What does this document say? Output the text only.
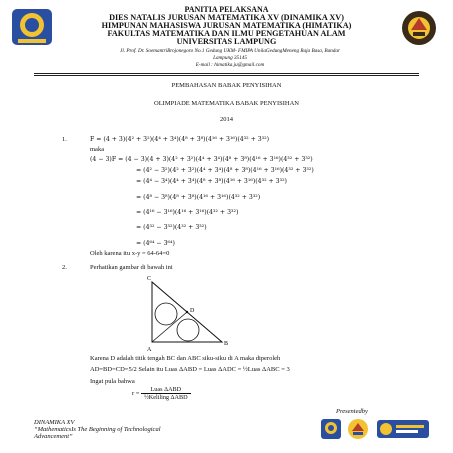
PANITIA PELAKSANA
DIES NATALIS JURUSAN MATEMATIKA XV (DINAMIKA XV)
HIMPUNAN MAHASISWA JURUSAN MATEMATIKA (HIMATIKA)
FAKULTAS MATEMATIKA DAN ILMU PENGETAHUAN ALAM
UNIVERSITAS LAMPUNG
Jl. Prof. Dr. SoemantriBrojonegoro No.1 Gedung UKM- FMIPA UnilaGedungMeneng Raja Basa, Bandar
Lampung 35145
E-mail : himatika.ju@gmail.com
PEMBAHASAN BABAK PENYISIHAN
OLIMPIADE MATEMATIKA BABAK PENYISIHAN
2014
1.	F = (4 + 3)(4² + 3²)(4⁴ + 3⁴)(4⁸ + 3⁸)(4¹⁶ + 3¹⁶)(4³² + 3³²)
maka
(4 − 3)F = (4 − 3)(4 + 3)(4² + 3²)(4⁴ + 3⁴)(4⁸ + 3⁸)(4¹⁶ + 3¹⁶)(4³² + 3³²)
= (4² − 3²)(4² + 3²)(4⁴ + 3⁴)(4⁸ + 3⁸)(4¹⁶ + 3¹⁶)(4³² + 3³²)
= (4⁴ − 3⁴)(4⁴ + 3⁴)(4⁸ + 3⁸)(4¹⁶ + 3¹⁶)(4³² + 3³²)
= (4⁸ − 3⁸)(4⁸ + 3⁸)(4¹⁶ + 3¹⁶)(4³² + 3³²)
= (4¹⁶ − 3¹⁶)(4¹⁶ + 3¹⁶)(4³² + 3³²)
= (4³² − 3³²)(4³² + 3³²)
= (4⁶⁴ − 3⁶⁴)
Oleh karena itu x-y = 64-64=0
2.	Perhatikan gambar di bawah ini
C
D
A
B
Karena D adalah titik tengah BC dan ABC siku-siku di A maka diperoleh
AD=BD=CD=5/2 Selain itu Luas ΔABD = Luas ΔADC = ½Luas ΔABC = 3
Ingat pula bahwa
$r = \frac{\text{Luas ΔABD}}{\text{½Keliling ΔABD}}$
Presentedby
DINAMIKA XV
“MathematicsIs The Beginning of Technological
Advancement”
